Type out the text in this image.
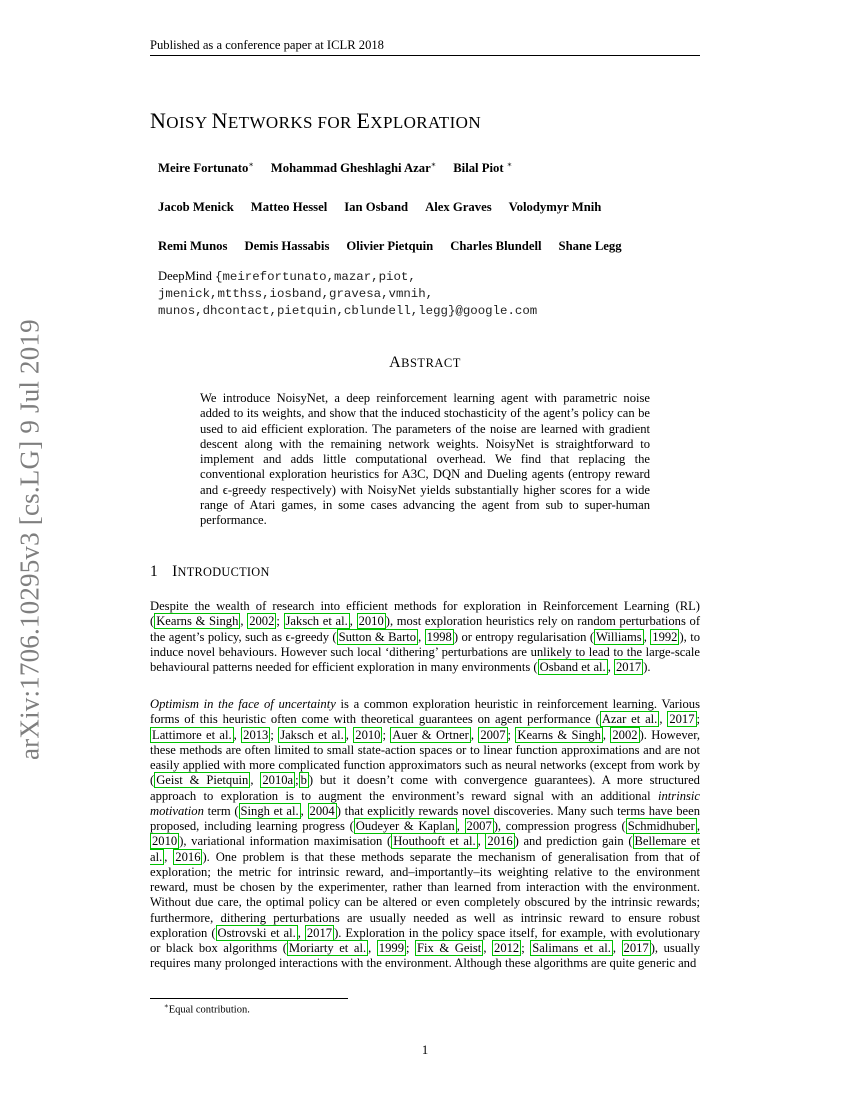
arXiv:1706.10295v3 [cs.LG] 9 Jul 2019
Published as a conference paper at ICLR 2018
NOISY NETWORKS FOR EXPLORATION
Meire Fortunato∗ Mohammad Gheshlaghi Azar∗ Bilal Piot ∗
Jacob Menick Matteo Hessel Ian Osband Alex Graves Volodymyr Mnih
Remi Munos Demis Hassabis Olivier Pietquin Charles Blundell Shane Legg
DeepMind {meirefortunato,mazar,piot,
jmenick,mtthss,iosband,gravesa,vmnih,
munos,dhcontact,pietquin,cblundell,legg}@google.com
ABSTRACT
We introduce NoisyNet, a deep reinforcement learning agent with parametric noise added to its weights, and show that the induced stochasticity of the agent’s policy can be used to aid efficient exploration. The parameters of the noise are learned with gradient descent along with the remaining network weights. NoisyNet is straightforward to implement and adds little computational overhead. We find that replacing the conventional exploration heuristics for A3C, DQN and Dueling agents (entropy reward and ϵ-greedy respectively) with NoisyNet yields substantially higher scores for a wide range of Atari games, in some cases advancing the agent from sub to super-human performance.
1 INTRODUCTION
Despite the wealth of research into efficient methods for exploration in Reinforcement Learning (RL) ( Kearns & Singh , 2002 ; Jaksch et al. , 2010 ), most exploration heuristics rely on random perturbations of the agent’s policy, such as ϵ-greedy ( Sutton & Barto , 1998 ) or entropy regularisation ( Williams , 1992 ), to induce novel behaviours. However such local ‘dithering’ perturbations are unlikely to lead to the large-scale behavioural patterns needed for efficient exploration in many environments ( Osband et al. , 2017 ).
Optimism in the face of uncertainty is a common exploration heuristic in reinforcement learning. Various forms of this heuristic often come with theoretical guarantees on agent performance ( Azar et al. , 2017 ; Lattimore et al. , 2013 ; Jaksch et al. , 2010 ; Auer & Ortner , 2007 ; Kearns & Singh , 2002 ). However, these methods are often limited to small state-action spaces or to linear function approximations and are not easily applied with more complicated function approximators such as neural networks (except from work by ( Geist & Pietquin , 2010a ; b ) but it doesn’t come with convergence guarantees). A more structured approach to exploration is to augment the environment’s reward signal with an additional intrinsic motivation term ( Singh et al. , 2004 ) that explicitly rewards novel discoveries. Many such terms have been proposed, including learning progress ( Oudeyer & Kaplan , 2007 ), compression progress ( Schmidhuber , 2010 ), variational information maximisation ( Houthooft et al. , 2016 ) and prediction gain ( Bellemare et al. , 2016 ). One problem is that these methods separate the mechanism of generalisation from that of exploration; the metric for intrinsic reward, and–importantly–its weighting relative to the environment reward, must be chosen by the experimenter, rather than learned from interaction with the environment. Without due care, the optimal policy can be altered or even completely obscured by the intrinsic rewards; furthermore, dithering perturbations are usually needed as well as intrinsic reward to ensure robust exploration ( Ostrovski et al. , 2017 ). Exploration in the policy space itself, for example, with evolutionary or black box algorithms ( Moriarty et al. , 1999 ; Fix & Geist , 2012 ; Salimans et al. , 2017 ), usually requires many prolonged interactions with the environment. Although these algorithms are quite generic and
∗Equal contribution.
1
